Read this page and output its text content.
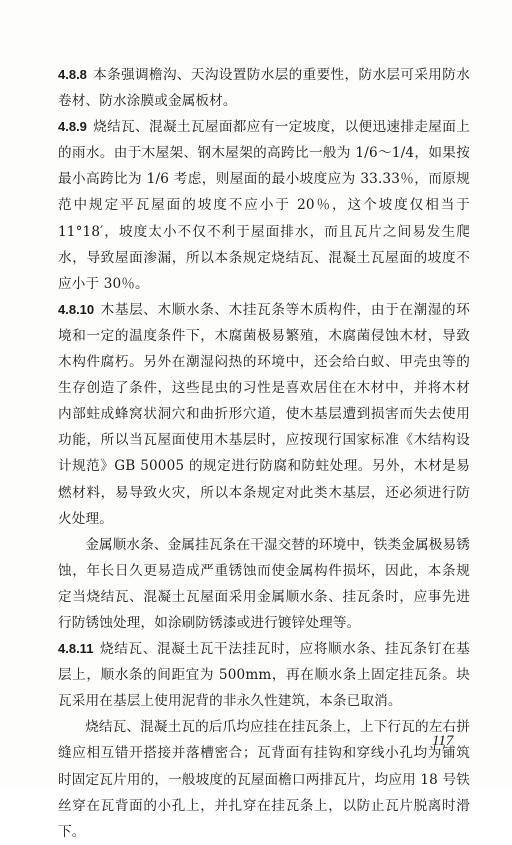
4.8.8 本条强调檐沟、天沟设置防水层的重要性，防水层可采用防水卷材、防水涂膜或金属板材。

4.8.9 烧结瓦、混凝土瓦屋面都应有一定坡度，以便迅速排走屋面上的雨水。由于木屋架、钢木屋架的高跨比一般为 1/6～1/4，如果按最小高跨比为 1/6 考虑，则屋面的最小坡度应为 33.33％，而原规范中规定平瓦屋面的坡度不应小于 20％，这个坡度仅相当于 11°18′，坡度太小不仅不利于屋面排水，而且瓦片之间易发生爬水，导致屋面渗漏，所以本条规定烧结瓦、混凝土瓦屋面的坡度不应小于 30％。

4.8.10 木基层、木顺水条、木挂瓦条等木质构件，由于在潮湿的环境和一定的温度条件下，木腐菌极易繁殖，木腐菌侵蚀木材，导致木构件腐朽。另外在潮湿闷热的环境中，还会给白蚁、甲壳虫等的生存创造了条件，这些昆虫的习性是喜欢居住在木材中，并将木材内部蛀成蜂窝状洞穴和曲折形穴道，使木基层遭到损害而失去使用功能，所以当瓦屋面使用木基层时，应按现行国家标准《木结构设计规范》GB 50005 的规定进行防腐和防蛀处理。另外，木材是易燃材料，易导致火灾，所以本条规定对此类木基层，还必须进行防火处理。

金属顺水条、金属挂瓦条在干湿交替的环境中，铁类金属极易锈蚀，年长日久更易造成严重锈蚀而使金属构件损坏，因此，本条规定当烧结瓦、混凝土瓦屋面采用金属顺水条、挂瓦条时，应事先进行防锈蚀处理，如涂刷防锈漆或进行镀锌处理等。

4.8.11 烧结瓦、混凝土瓦干法挂瓦时，应将顺水条、挂瓦条钉在基层上，顺水条的间距宜为 500mm，再在顺水条上固定挂瓦条。块瓦采用在基层上使用泥背的非永久性建筑，本条已取消。

烧结瓦、混凝土瓦的后爪均应挂在挂瓦条上，上下行瓦的左右拼缝应相互错开搭接并落槽密合；瓦背面有挂钩和穿线小孔均为铺筑时固定瓦片用的，一般坡度的瓦屋面檐口两排瓦片，均应用 18 号铁丝穿在瓦背面的小孔上，并扎穿在挂瓦条上，以防止瓦片脱离时滑下。

117
